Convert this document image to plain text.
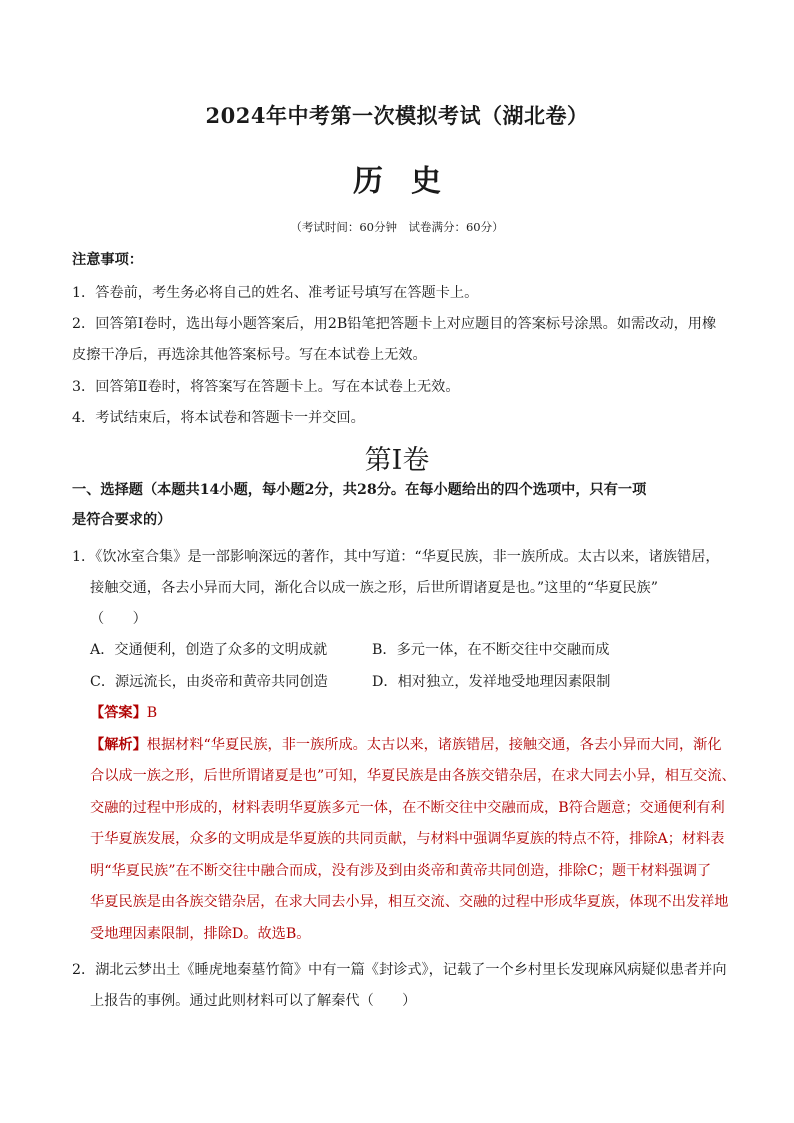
2024年中考第一次模拟考试（湖北卷）
历史
（考试时间：60分钟　试卷满分：60分）
注意事项：
1．答卷前，考生务必将自己的姓名、准考证号填写在答题卡上。
2．回答第Ⅰ卷时，选出每小题答案后，用2B铅笔把答题卡上对应题目的答案标号涂黑。如需改动，用橡
皮擦干净后，再选涂其他答案标号。写在本试卷上无效。
3．回答第Ⅱ卷时，将答案写在答题卡上。写在本试卷上无效。
4．考试结束后，将本试卷和答题卡一并交回。
第Ⅰ卷
一、选择题（本题共14小题，每小题2分，共28分。在每小题给出的四个选项中，只有一项
是符合要求的）
1．《饮冰室合集》是一部影响深远的著作，其中写道：“华夏民族，非一族所成。太古以来，诸族错居，
接触交通，各去小异而大同，渐化合以成一族之形，后世所谓诸夏是也。”这里的“华夏民族”
（　　）
A．交通便利，创造了众多的文明成就	B．多元一体，在不断交往中交融而成
C．源远流长，由炎帝和黄帝共同创造	D．相对独立，发祥地受地理因素限制
【答案】B
【解析】根据材料“华夏民族，非一族所成。太古以来，诸族错居，接触交通，各去小异而大同，渐化
合以成一族之形，后世所谓诸夏是也”可知，华夏民族是由各族交错杂居，在求大同去小异，相互交流、
交融的过程中形成的，材料表明华夏族多元一体，在不断交往中交融而成，B符合题意；交通便利有利
于华夏族发展，众多的文明成是华夏族的共同贡献，与材料中强调华夏族的特点不符，排除A；材料表
明“华夏民族”在不断交往中融合而成，没有涉及到由炎帝和黄帝共同创造，排除C；题干材料强调了
华夏民族是由各族交错杂居，在求大同去小异，相互交流、交融的过程中形成华夏族，体现不出发祥地
受地理因素限制，排除D。故选B。
2．湖北云梦出土《睡虎地秦墓竹简》中有一篇《封诊式》，记载了一个乡村里长发现麻风病疑似患者并向
上报告的事例。通过此则材料可以了解秦代（　　）
